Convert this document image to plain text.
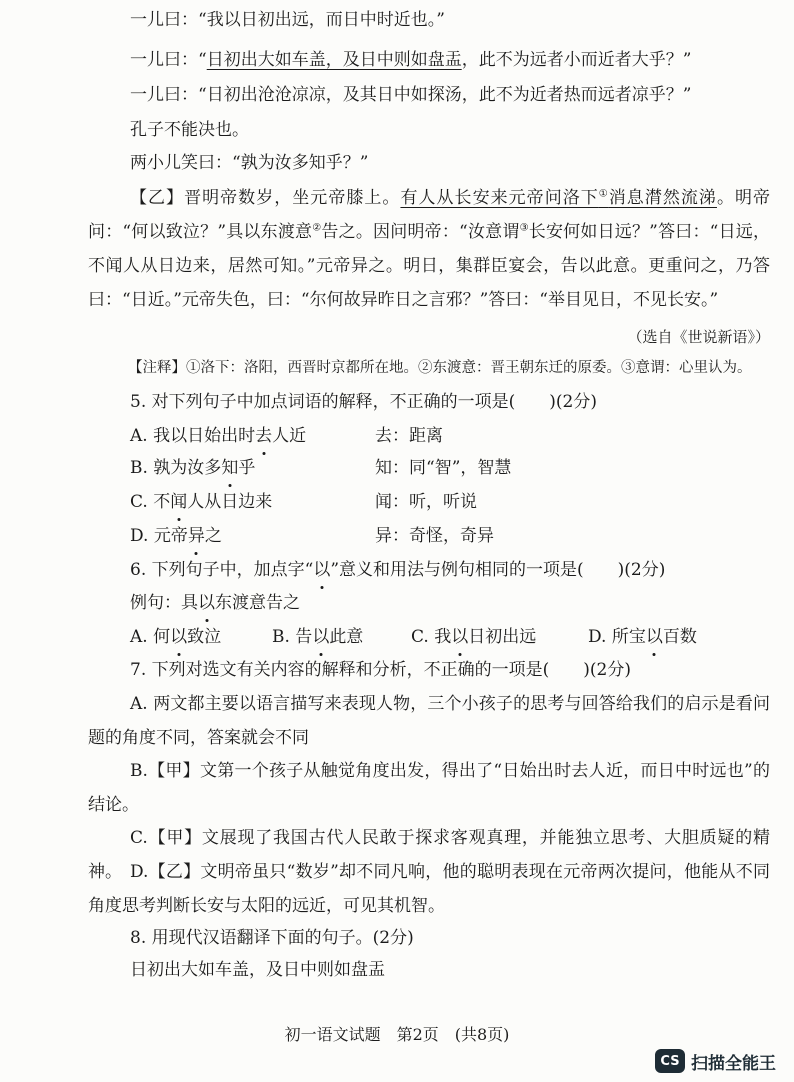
一儿曰：“我以日初出远，而日中时近也。”
一儿曰：“日初出大如车盖，及日中则如盘盂，此不为远者小而近者大乎？”
一儿曰：“日初出沧沧凉凉，及其日中如探汤，此不为近者热而远者凉乎？”
孔子不能决也。
两小儿笑曰：“孰为汝多知乎？”
【乙】晋明帝数岁，坐元帝膝上。有人从长安来元帝问洛下①消息潸然流涕。明帝问：“何以致泣？”具以东渡意②告之。因问明帝：“汝意谓③长安何如日远？”答曰：“日远，不闻人从日边来，居然可知。”元帝异之。明日，集群臣宴会，告以此意。更重问之，乃答曰：“日近。”元帝失色，曰：“尔何故异昨日之言邪？”答曰：“举目见日，不见长安。”
（选自《世说新语》）
【注释】①洛下：洛阳，西晋时京都所在地。②东渡意：晋王朝东迁的原委。③意谓：心里认为。
5. 对下列句子中加点词语的解释，不正确的一项是(　　)(2分)
A. 我以日始出时去人近	去：距离
B. 孰为汝多知乎	知：同“智”，智慧
C. 不闻人从日边来	闻：听，听说
D. 元帝异之	异：奇怪，奇异
6. 下列句子中，加点字“以”意义和用法与例句相同的一项是(　　)(2分)
例句：具以东渡意告之
A. 何以致泣	B. 告以此意	C. 我以日初出远	D. 所宝以百数
7. 下列对选文有关内容的解释和分析，不正确的一项是(　　)(2分)
A. 两文都主要以语言描写来表现人物，三个小孩子的思考与回答给我们的启示是看问题的角度不同，答案就会不同
B.【甲】文第一个孩子从触觉角度出发，得出了“日始出时去人近，而日中时远也”的结论。
C.【甲】文展现了我国古代人民敢于探求客观真理，并能独立思考、大胆质疑的精神。 D.【乙】文明帝虽只“数岁”却不同凡响，他的聪明表现在元帝两次提问，他能从不同角度思考判断长安与太阳的远近，可见其机智。
8. 用现代汉语翻译下面的句子。(2分)
日初出大如车盖，及日中则如盘盂
初一语文试题　第2页　(共8页)
CS 扫描全能王
